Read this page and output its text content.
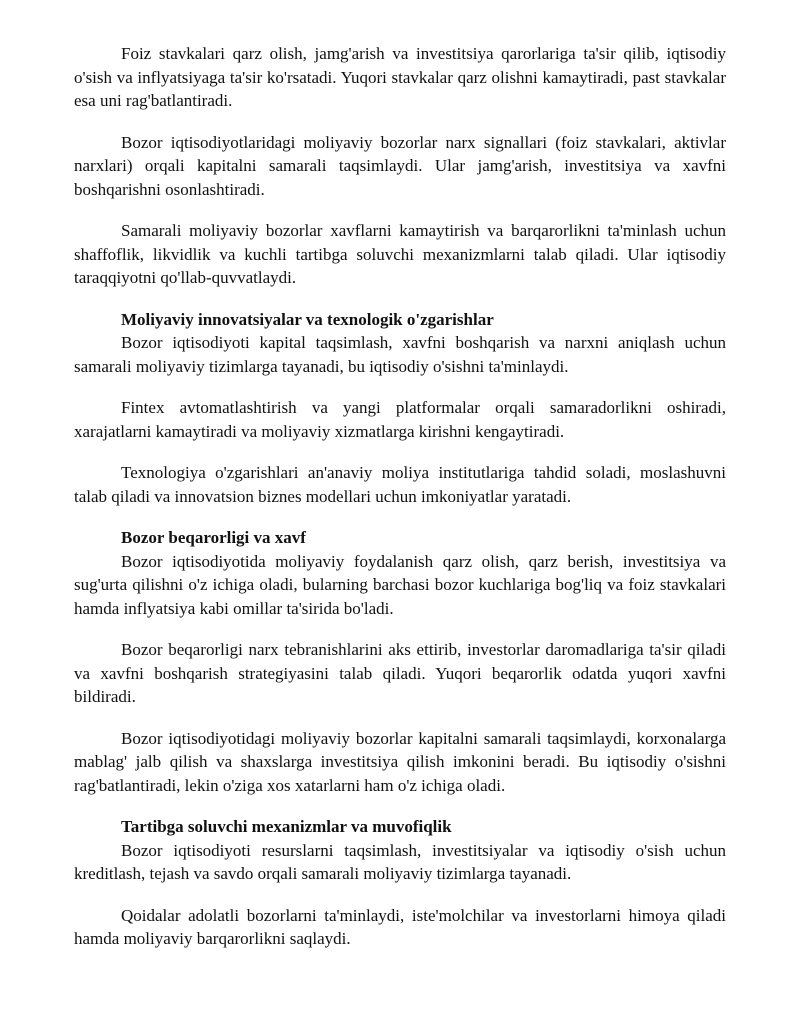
Foiz stavkalari qarz olish, jamg'arish va investitsiya qarorlariga ta'sir qilib, iqtisodiy o'sish va inflyatsiyaga ta'sir ko'rsatadi. Yuqori stavkalar qarz olishni kamaytiradi, past stavkalar esa uni rag'batlantiradi.

Bozor iqtisodiyotlaridagi moliyaviy bozorlar narx signallari (foiz stavkalari, aktivlar narxlari) orqali kapitalni samarali taqsimlaydi. Ular jamg'arish, investitsiya va xavfni boshqarishni osonlashtiradi.

Samarali moliyaviy bozorlar xavflarni kamaytirish va barqarorlikni ta'minlash uchun shaffoflik, likvidlik va kuchli tartibga soluvchi mexanizmlarni talab qiladi. Ular iqtisodiy taraqqiyotni qo'llab-quvvatlaydi.

Moliyaviy innovatsiyalar va texnologik o'zgarishlar

Bozor iqtisodiyoti kapital taqsimlash, xavfni boshqarish va narxni aniqlash uchun samarali moliyaviy tizimlarga tayanadi, bu iqtisodiy o'sishni ta'minlaydi.

Fintex avtomatlashtirish va yangi platformalar orqali samaradorlikni oshiradi, xarajatlarni kamaytiradi va moliyaviy xizmatlarga kirishni kengaytiradi.

Texnologiya o'zgarishlari an'anaviy moliya institutlariga tahdid soladi, moslashuvni talab qiladi va innovatsion biznes modellari uchun imkoniyatlar yaratadi.

Bozor beqarorligi va xavf

Bozor iqtisodiyotida moliyaviy foydalanish qarz olish, qarz berish, investitsiya va sug'urta qilishni o'z ichiga oladi, bularning barchasi bozor kuchlariga bog'liq va foiz stavkalari hamda inflyatsiya kabi omillar ta'sirida bo'ladi.

Bozor beqarorligi narx tebranishlarini aks ettirib, investorlar daromadlariga ta'sir qiladi va xavfni boshqarish strategiyasini talab qiladi. Yuqori beqarorlik odatda yuqori xavfni bildiradi.

Bozor iqtisodiyotidagi moliyaviy bozorlar kapitalni samarali taqsimlaydi, korxonalarga mablag' jalb qilish va shaxslarga investitsiya qilish imkonini beradi. Bu iqtisodiy o'sishni rag'batlantiradi, lekin o'ziga xos xatarlarni ham o'z ichiga oladi.

Tartibga soluvchi mexanizmlar va muvofiqlik

Bozor iqtisodiyoti resurslarni taqsimlash, investitsiyalar va iqtisodiy o'sish uchun kreditlash, tejash va savdo orqali samarali moliyaviy tizimlarga tayanadi.

Qoidalar adolatli bozorlarni ta'minlaydi, iste'molchilar va investorlarni himoya qiladi hamda moliyaviy barqarorlikni saqlaydi.
